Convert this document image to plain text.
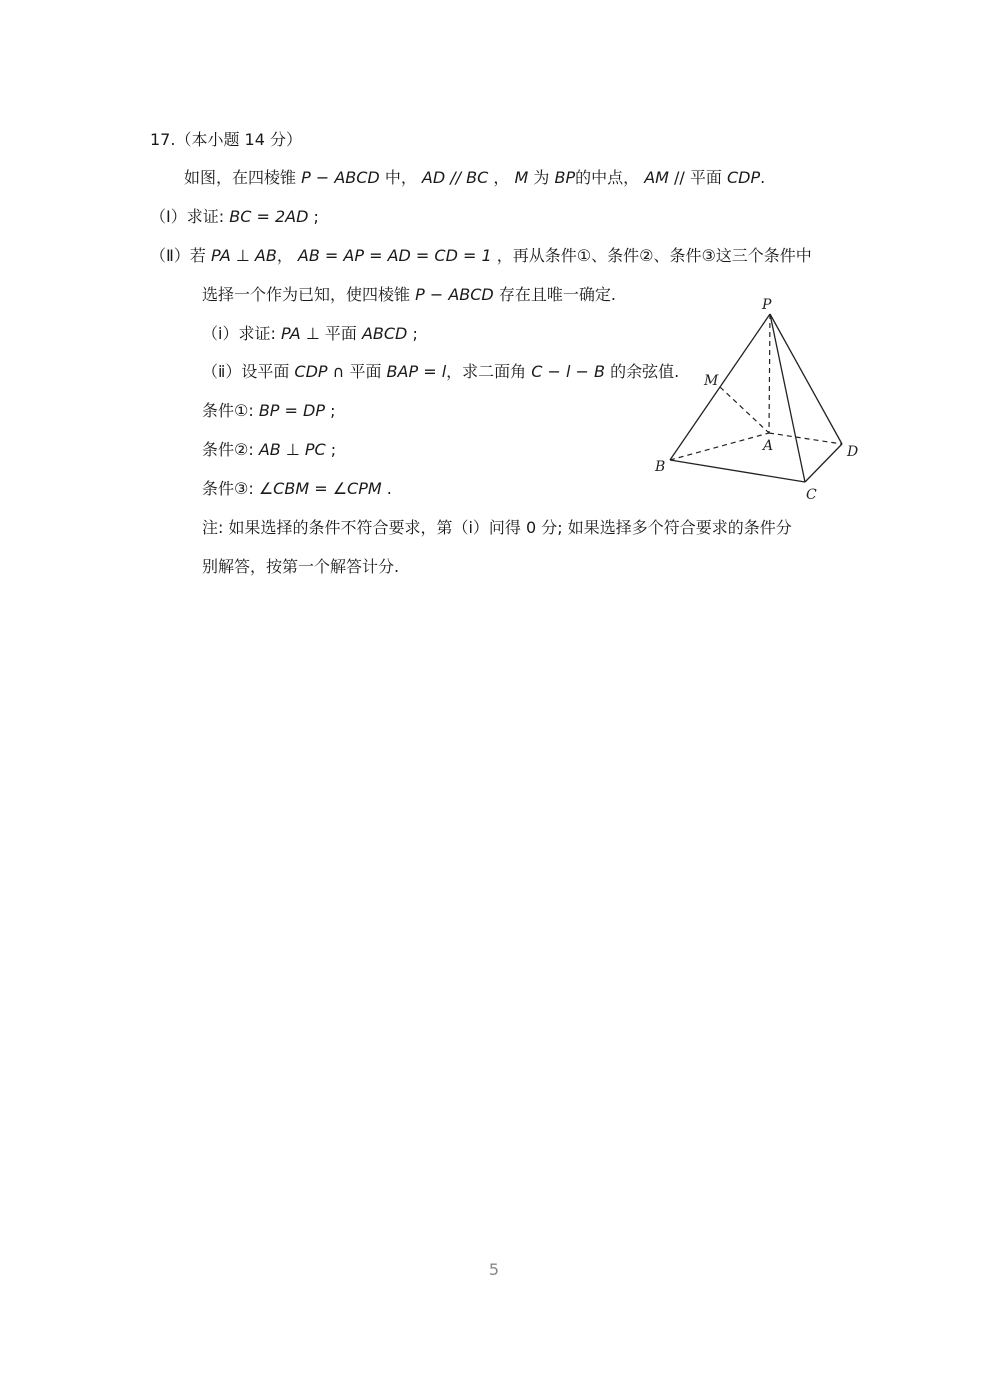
17.（本小题 14 分）
如图，在四棱锥 P − ABCD 中， AD // BC ， M 为 BP的中点， AM // 平面 CDP.
（Ⅰ）求证: BC = 2AD ;
（Ⅱ）若 PA ⊥ AB， AB = AP = AD = CD = 1 ，再从条件①、条件②、条件③这三个条件中
选择一个作为已知，使四棱锥 P − ABCD 存在且唯一确定.
（ⅰ）求证: PA ⊥ 平面 ABCD ;
（ⅱ）设平面 CDP ∩ 平面 BAP = l，求二面角 C − l − B 的余弦值.
条件①: BP = DP ;
条件②: AB ⊥ PC ;
条件③: ∠CBM = ∠CPM .
注: 如果选择的条件不符合要求，第（ⅰ）问得 0 分; 如果选择多个符合要求的条件分
别解答，按第一个解答计分.
P
M
A
B
C
D
5
